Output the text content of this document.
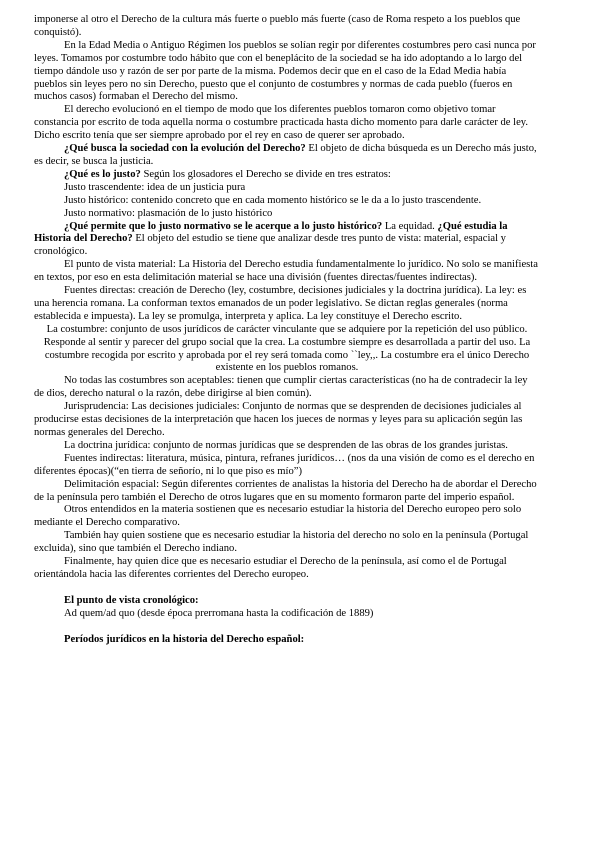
imponerse al otro el Derecho de la cultura más fuerte o pueblo más fuerte (caso de Roma respeto a los pueblos que conquistó).

En la Edad Media o Antiguo Régimen los pueblos se solían regir por diferentes costumbres pero casi nunca por leyes. Tomamos por costumbre todo hábito que con el beneplácito de la sociedad se ha ido adoptando a lo largo del tiempo dándole uso y razón de ser por parte de la misma. Podemos decir que en el caso de la Edad Media había pueblos sin leyes pero no sin Derecho, puesto que el conjunto de costumbres y normas de cada pueblo (fueros en muchos casos) formaban el Derecho del mismo.

El derecho evolucionó en el tiempo de modo que los diferentes pueblos tomaron como objetivo tomar constancia por escrito de toda aquella norma o costumbre practicada hasta dicho momento para darle carácter de ley. Dicho escrito tenía que ser siempre aprobado por el rey en caso de querer ser aprobado.

¿Qué busca la sociedad con la evolución del Derecho? El objeto de dicha búsqueda es un Derecho más justo, es decir, se busca la justicia.

¿Qué es lo justo? Según los glosadores el Derecho se divide en tres estratos:

Justo trascendente: idea de un justicia pura

Justo histórico: contenido concreto que en cada momento histórico se le da a lo justo trascendente.

Justo normativo: plasmación de lo justo histórico

¿Qué permite que lo justo normativo se le acerque a lo justo histórico? La equidad. ¿Qué estudia la Historia del Derecho? El objeto del estudio se tiene que analizar desde tres punto de vista: material, espacial y cronológico.

El punto de vista material: La Historia del Derecho estudia fundamentalmente lo jurídico. No solo se manifiesta en textos, por eso en esta delimitación material se hace una división (fuentes directas/fuentes indirectas).

Fuentes directas: creación de Derecho (ley, costumbre, decisiones judiciales y la doctrina jurídica). La ley: es una herencia romana. La conforman textos emanados de un poder legislativo. Se dictan reglas generales (norma establecida e impuesta). La ley se promulga, interpreta y aplica. La ley constituye el Derecho escrito.

La costumbre: conjunto de usos jurídicos de carácter vinculante que se adquiere por la repetición del uso público. Responde al sentir y parecer del grupo social que la crea. La costumbre siempre es desarrollada a partir del uso. La costumbre recogida por escrito y aprobada por el rey será tomada como ``ley,,. La costumbre era el único Derecho existente en los pueblos romanos.

No todas las costumbres son aceptables: tienen que cumplir ciertas características (no ha de contradecir la ley de dios, derecho natural o la razón, debe dirigirse al bien común).

Jurisprudencia: Las decisiones judiciales: Conjunto de normas que se desprenden de decisiones judiciales al producirse estas decisiones de la interpretación que hacen los jueces de normas y leyes para su aplicación según las normas generales del Derecho.

La doctrina jurídica: conjunto de normas jurídicas que se desprenden de las obras de los grandes juristas.

Fuentes indirectas: literatura, música, pintura, refranes jurídicos… (nos da una visión de como es el derecho en diferentes épocas)(“en tierra de señorío, ni lo que piso es mío”)

Delimitación espacial: Según diferentes corrientes de analistas la historia del Derecho ha de abordar el Derecho de la península pero también el Derecho de otros lugares que en su momento formaron parte del imperio español.

Otros entendidos en la materia sostienen que es necesario estudiar la historia del Derecho europeo pero solo mediante el Derecho comparativo.

También hay quien sostiene que es necesario estudiar la historia del derecho no solo en la península (Portugal excluida), sino que también el Derecho indiano.

Finalmente, hay quien dice que es necesario estudiar el Derecho de la península, así como el de Portugal orientándola hacia las diferentes corrientes del Derecho europeo.

El punto de vista cronológico:

Ad quem/ad quo (desde época prerromana hasta la codificación de 1889)

Períodos jurídicos en la historia del Derecho español:
